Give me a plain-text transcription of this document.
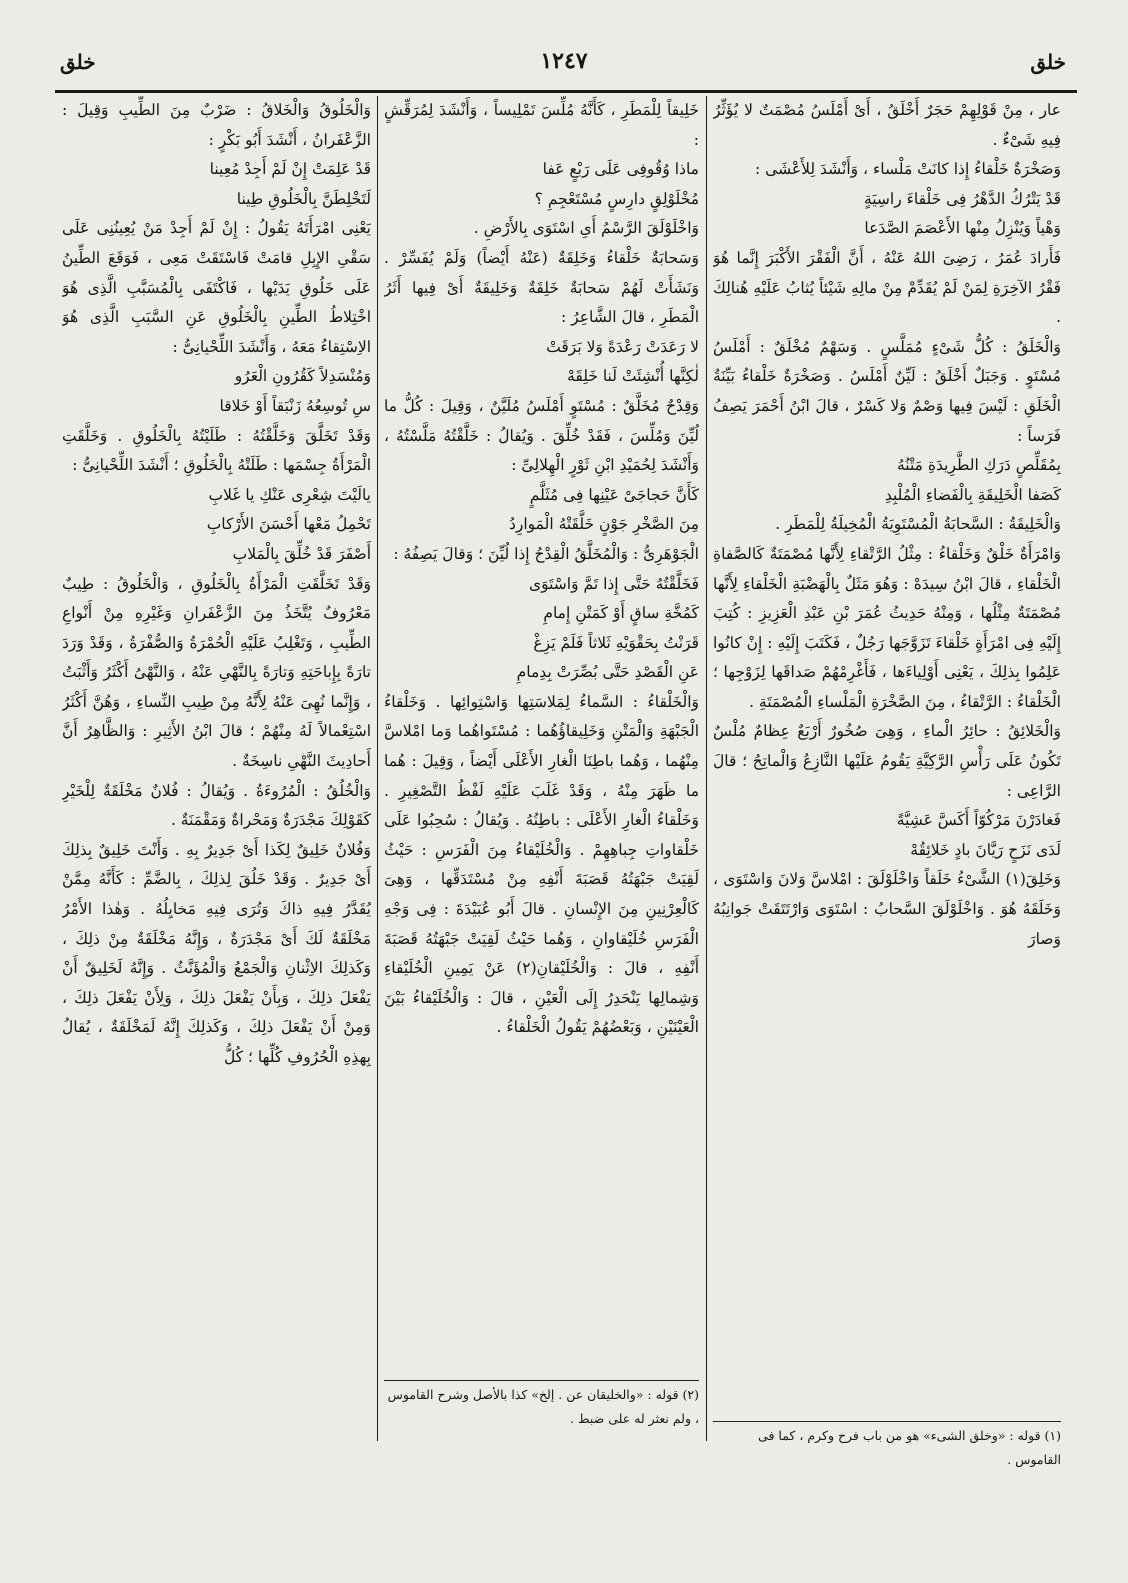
خلق	١٢٤٧	خلق

عار ، مِنْ قَوْلِهِمْ حَجَرٌ أَخْلَقُ ، أَىْ أَمْلَسُ مُصْمَتٌ لا يُؤَثِّرُ فِيهِ شَىْءٌ .

وَصَخْرَةٌ خَلْقاءُ إِذا كانَتْ مَلْساء ، وَأَنْشَدَ لِلأَعْشَى :

قَدْ يَتْرُكُ الدَّهْرُ فِى خَلْقاءَ راسِيَةٍ

وَهْياً وَيُنْزِلُ مِنْها الأَعْصَمَ الصَّدَعا

فَأَرادَ عُمَرُ ، رَضِىَ اللهُ عَنْهُ ، أَنَّ الْفَقْرَ الأَكْبَرَ إِنَّما هُوَ فَقْرُ الآخِرَةِ لِمَنْ لَمْ يُقَدِّمْ مِنْ مالِهِ شَيْئاً يُثابُ عَلَيْهِ هُنالِكَ .

وَالْخَلَقُ : كُلُّ شَىْءٍ مُمَلَّسٍ . وَسَهْمٌ مُخْلَقٌ : أَمْلَسُ مُسْتَوٍ . وَجَبَلٌ أَخْلَقُ : لَيِّنٌ أَمْلَسُ . وَصَخْرَةٌ خَلْقاءُ بَيِّنَةُ الْخَلَقِ : لَيْسَ فِيها وَصْمٌ وَلا كَسْرٌ ، قالَ ابْنُ أَحْمَرَ يَصِفُ فَرَساً :

بِمُقَلِّصٍ دَرَكِ الطَّرِيدَةِ مَتْنُهُ

كَصَفا الْخَلِيقَةِ بِالْفَضاءِ الْمُلْبِدِ

وَالْخَلِيقَةُ : السَّحابَةُ الْمُسْتَوِيَةُ الْمُخِيلَةُ لِلْمَطَرِ .

وَامْرَأَةٌ خَلْقٌ وَخَلْقاءُ : مِثْلُ الرَّتْقاءِ لِأَنَّها مُصْمَتَةٌ كَالصَّفاةِ الْخَلْقاءِ ، قالَ ابْنُ سِيدَهْ : وَهُوَ مَثَلٌ بِالْهَضْبَةِ الْخَلْقاءِ لِأَنَّها مُصْمَتَةٌ مِثْلُها ، وَمِنْهُ حَدِيثُ عُمَرَ بْنِ عَبْدِ الْعَزِيزِ : كُتِبَ إِلَيْهِ فِى امْرَأَةٍ خَلْقاءَ تَزَوَّجَها رَجُلٌ ، فَكَتَبَ إِلَيْهِ : إِنْ كانُوا عَلِمُوا بِذلِكَ ، يَعْنِى أَوْلِياءَها ، فَأَغْرِمْهُمْ صَداقَها لِزَوْجِها ؛ الْخَلْقاءُ : الرَّتْقاءُ ، مِنَ الصَّخْرَةِ الْمَلْساءِ الْمُصْمَتَةِ .

وَالْخَلائِقُ : حائِرُ الْماءِ ، وَهِىَ صُخُورٌ أَرْبَعٌ عِظامٌ مُلْسٌ تَكُونُ عَلَى رَأْسِ الرَّكِيَّةِ يَقُومُ عَلَيْها النَّازِعُ وَالْماتِحُ ؛ قالَ الرَّاعِى :

فَغادَرْنَ مَرْكُوّاً أَكَسَّ عَشِيَّةً

لَدَى نَزَحٍ رَيَّانَ بادٍ خَلائِقُهْ

وَخَلِقَ(١) الشَّىْءُ خَلَقاً وَاخْلَوْلَقَ : امْلاسَّ وَلانَ وَاسْتَوَى ، وَخَلَقَهُ هُوَ . وَاخْلَوْلَقَ السَّحابُ : اسْتَوَى وَارْتَتَقَتْ جَوانِبُهُ وَصارَ

خَلِيقاً لِلْمَطَرِ ، كَأَنَّهُ مُلِّسَ تَمْلِيساً ، وَأَنْشَدَ لِمُرَقِّشٍ :

ماذا وُقُوفِى عَلَى رَبْعٍ عَفا

مُخْلَوْلِقٍ دارِسٍ مُسْتَعْجِمِ ؟

وَاخْلَوْلَقَ الرَّسْمُ أَىِ اسْتَوَى بِالأَرْضِ .

وَسَحابَةٌ خَلْقاءُ وَخَلِقَةٌ (عَنْهُ أَيْضاً) وَلَمْ يُفَسِّرْ . وَنَشَأَتْ لَهُمْ سَحابَةٌ خَلِقَةٌ وَخَلِيقَةٌ أَىْ فِيها أَثَرُ الْمَطَرِ ، قالَ الشَّاعِرُ :

لا رَعَدَتْ رَعْدَةً وَلا بَرَقَتْ

لٰكِنَّها أُنْشِئَتْ لَنا خَلِقَهْ

وَقِدْحٌ مُخَلَّقٌ : مُسْتَوٍ أَمْلَسُ مُلَيَّنٌ ، وَقِيلَ : كُلُّ ما لُيِّنَ وَمُلِّسَ ، فَقَدْ خُلِّقَ . وَيُقالُ : خَلَّقْتُهُ مَلَّسْتُهُ ، وَأَنْشَدَ لِحُمَيْدِ ابْنِ ثَوْرٍ الْهِلالِىِّ :

كَأَنَّ حَجاجَىْ عَيْنِها فِى مُثَلَّمٍ

مِنَ الصَّخْرِ جَوْنٍ خَلَّقَتْهُ الْمَوارِدُ

الْجَوْهَرِىُّ : وَالْمُخَلَّقُ الْقِدْحُ إِذا لُيِّنَ ؛ وَقالَ يَصِفُهُ :

فَخَلَّقْتُهُ حَتَّى إِذا تَمَّ وَاسْتَوَى

كَمُخَّةِ ساقٍ أَوْ كَمَتْنِ إِمامِ

قَرَنْتُ بِحَقْوَيْهِ ثَلاثاً فَلَمْ يَزِغْ

عَنِ الْقَصْدِ حَتَّى بُصِّرَتْ بِدِمامِ

وَالْخَلْقاءُ : السَّماءُ لِمَلاسَتِها وَاسْتِوائِها . وَخَلْقاءُ الْجَبْهَةِ وَالْمَتْنِ وَخَلِيقاؤُهُما : مُسْتَواهُما وَما امْلاسَّ مِنْهُما ، وَهُما باطِنَا الْغارِ الأَعْلَى أَيْضاً ، وَقِيلَ : هُما ما ظَهَرَ مِنْهُ ، وَقَدْ غَلَبَ عَلَيْهِ لَفْظُ التَّصْغِيرِ . وَخَلْقاءُ الْغارِ الأَعْلَى : باطِنُهُ . وَيُقالُ : سُحِبُوا عَلَى خَلْقاواتِ جِباهِهِمْ . وَالْخُلَيْقاءُ مِنَ الْفَرَسِ : حَيْثُ لَقِيَتْ جَبْهَتُهُ قَصَبَةَ أَنْفِهِ مِنْ مُسْتَدَقِّها ، وَهِىَ كَالْعِرْنِينِ مِنَ الإِنْسانِ . قالَ أَبُو عُبَيْدَةَ : فِى وَجْهِ الْفَرَسِ خُلَيْقاوانِ ، وَهُما حَيْثُ لَقِيَتْ جَبْهَتُهُ قَصَبَةَ أَنْفِهِ ، قالَ : وَالْخُلَيْقانِ(٢) عَنْ يَمِينِ الْخُلَيْقاءِ وَشِمالِها يَنْحَدِرُ إِلَى الْعَيْنِ ، قالَ : وَالْخُلَيْقاءُ بَيْنَ الْعَيْنَيْنِ ، وَبَعْضُهُمْ يَقُولُ الْخَلْقاءُ .

وَالْخَلُوقُ وَالْخَلاقُ : ضَرْبٌ مِنَ الطِّيبِ وَقِيلَ : الزَّعْفَرانُ ، أَنْشَدَ أَبُو بَكْرٍ :

قَدْ عَلِمَتْ إِنْ لَمْ أَجِدْ مُعِينا

لَتَخْلِطَنَّ بِالْخَلُوقِ طِينا

يَعْنِى امْرَأَتَهُ يَقُولُ : إِنْ لَمْ أَجِدْ مَنْ يُعِينُنِى عَلَى سَقْىِ الإِبِلِ قامَتْ فَاسْتَقَتْ مَعِى ، فَوَقَعَ الطِّينُ عَلَى خَلُوقِ يَدَيْها ، فَاكْتَفَى بِالْمُسَبَّبِ الَّذِى هُوَ اخْتِلاطُ الطِّينِ بِالْخَلُوقِ عَنِ السَّبَبِ الَّذِى هُوَ الاِسْتِقاءُ مَعَهُ ، وَأَنْشَدَ اللِّحْيانِىُّ :

وَمُنْسَدِلاً كَقُرُونِ الْعَرُو

سِ تُوسِعُهُ زَنْبَقاً أَوْ خَلاقا

وَقَدْ تَخَلَّقَ وَخَلَّقْتُهُ : طَلَيْتُهُ بِالْخَلُوقِ . وَخَلَّقَتِ الْمَرْأَةُ جِسْمَها : طَلَتْهُ بِالْخَلُوقِ ؛ أَنْشَدَ اللِّحْيانِىُّ :

يالَيْتَ شِعْرِى عَنْكِ يا غَلابِ

تَحْمِلُ مَعْها أَحْسَنَ الأَرْكابِ

أَصْفَرَ قَدْ خُلِّقَ بِالْمَلابِ

وَقَدْ تَخَلَّقَتِ الْمَرْأَةُ بِالْخَلُوقِ ، وَالْخَلُوقُ : طِيبٌ مَعْرُوفٌ يُتَّخَذُ مِنَ الزَّعْفَرانِ وَغَيْرِهِ مِنْ أَنْواعِ الطِّيبِ ، وَتَغْلِبُ عَلَيْهِ الْحُمْرَةُ وَالصُّفْرَةُ ، وَقَدْ وَرَدَ تارَةً بِإِباحَتِهِ وَتارَةً بِالنَّهْىِ عَنْهُ ، وَالنَّهْىُ أَكْثَرُ وَأَثْبَتُ ، وَإِنَّما نُهِىَ عَنْهُ لِأَنَّهُ مِنْ طِيبِ النِّساءِ ، وَهُنَّ أَكْثَرُ اسْتِعْمالاً لَهُ مِنْهُمْ ؛ قالَ ابْنُ الأَثِيرِ : وَالظَّاهِرُ أَنَّ أَحادِيثَ النَّهْىِ ناسِخَةٌ .

وَالْخُلُقُ : الْمُرُوءَةُ . وَيُقالُ : فُلانٌ مَخْلَقَةٌ لِلْخَيْرِ كَقَوْلِكَ مَجْدَرَةٌ وَمَحْراةٌ وَمَقْمَنَةٌ .

وَفُلانٌ خَلِيقٌ لِكَذا أَىْ جَدِيرٌ بِهِ . وَأَنْتَ خَلِيقٌ بِذلِكَ أَىْ جَدِيرٌ . وَقَدْ خَلُقَ لِذلِكَ ، بِالضَّمِّ : كَأَنَّهُ مِمَّنْ يُقَدَّرُ فِيهِ ذاكَ وَتُرَى فِيهِ مَخايِلُهُ . وَهٰذا الأَمْرُ مَخْلَقَةٌ لَكَ أَىْ مَجْدَرَةٌ ، وَإِنَّهُ مَخْلَقَةٌ مِنْ ذلِكَ ، وَكَذلِكَ الاِثْنانِ وَالْجَمْعُ وَالْمُؤَنَّثُ . وَإِنَّهُ لَخَلِيقٌ أَنْ يَفْعَلَ ذلِكَ ، وَبِأَنْ يَفْعَلَ ذلِكَ ، وَلِأَنْ يَفْعَلَ ذلِكَ ، وَمِنْ أَنْ يَفْعَلَ ذلِكَ ، وَكَذلِكَ إِنَّهُ لَمَخْلَقَةٌ ، يُقالُ بِهذِهِ الْحُرُوفِ كُلِّها ؛ كُلُّ

(١) قوله : «وخلق الشىء» هو من باب فرح وكرم ، كما فى القاموس .
(٢) قوله : «والخليقان عن . إلخ» كذا بالأصل وشرح القاموس ، ولم نعثر له على ضبط .
